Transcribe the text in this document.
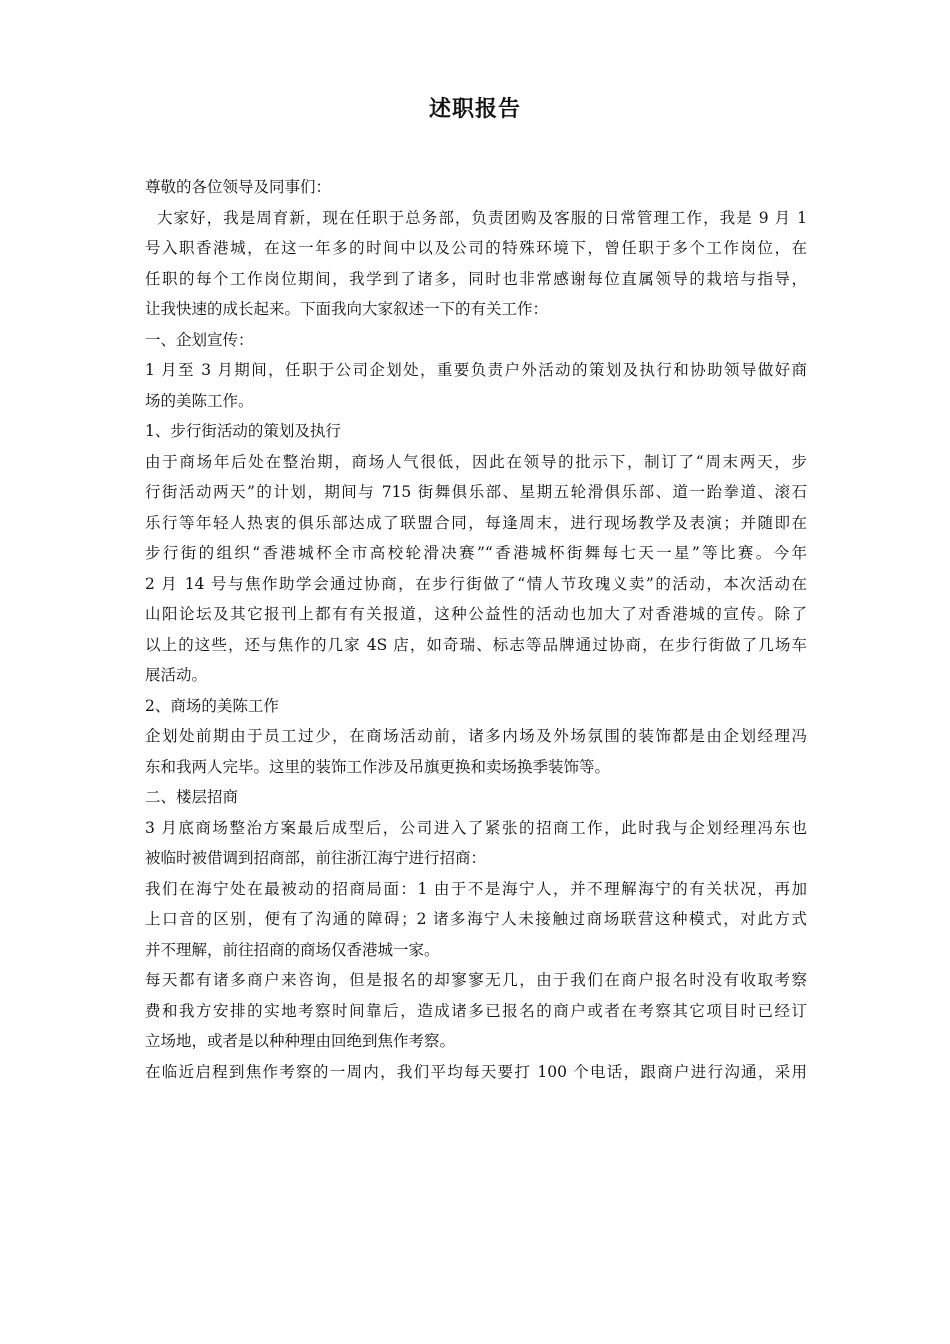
述职报告
尊敬的各位领导及同事们：
大家好，我是周育新，现在任职于总务部，负责团购及客服的日常管理工作，我是 9 月 1
号入职香港城，在这一年多的时间中以及公司的特殊环境下，曾任职于多个工作岗位，在
任职的每个工作岗位期间，我学到了诸多，同时也非常感谢每位直属领导的栽培与指导，
让我快速的成长起来。下面我向大家叙述一下的有关工作：
一、企划宣传：
1 月至 3 月期间，任职于公司企划处，重要负责户外活动的策划及执行和协助领导做好商
场的美陈工作。
1、步行街活动的策划及执行
由于商场年后处在整治期，商场人气很低，因此在领导的批示下，制订了“周末两天，步
行街活动两天”的计划，期间与 715 街舞俱乐部、星期五轮滑俱乐部、道一跆拳道、滚石
乐行等年轻人热衷的俱乐部达成了联盟合同，每逢周末，进行现场教学及表演；并随即在
步行街的组织“香港城杯全市高校轮滑决赛”“香港城杯街舞每七天一星”等比赛。今年
2 月 14 号与焦作助学会通过协商，在步行街做了“情人节玫瑰义卖”的活动，本次活动在
山阳论坛及其它报刊上都有有关报道，这种公益性的活动也加大了对香港城的宣传。除了
以上的这些，还与焦作的几家 4S 店，如奇瑞、标志等品牌通过协商，在步行街做了几场车
展活动。
2、商场的美陈工作
企划处前期由于员工过少，在商场活动前，诸多内场及外场氛围的装饰都是由企划经理冯
东和我两人完毕。这里的装饰工作涉及吊旗更换和卖场换季装饰等。
二、楼层招商
3 月底商场整治方案最后成型后，公司进入了紧张的招商工作，此时我与企划经理冯东也
被临时被借调到招商部，前往浙江海宁进行招商：
我们在海宁处在最被动的招商局面：1 由于不是海宁人，并不理解海宁的有关状况，再加
上口音的区别，便有了沟通的障碍；2 诸多海宁人未接触过商场联营这种模式，对此方式
并不理解，前往招商的商场仅香港城一家。
每天都有诸多商户来咨询，但是报名的却寥寥无几，由于我们在商户报名时没有收取考察
费和我方安排的实地考察时间靠后，造成诸多已报名的商户或者在考察其它项目时已经订
立场地，或者是以种种理由回绝到焦作考察。
在临近启程到焦作考察的一周内，我们平均每天要打 100 个电话，跟商户进行沟通，采用
